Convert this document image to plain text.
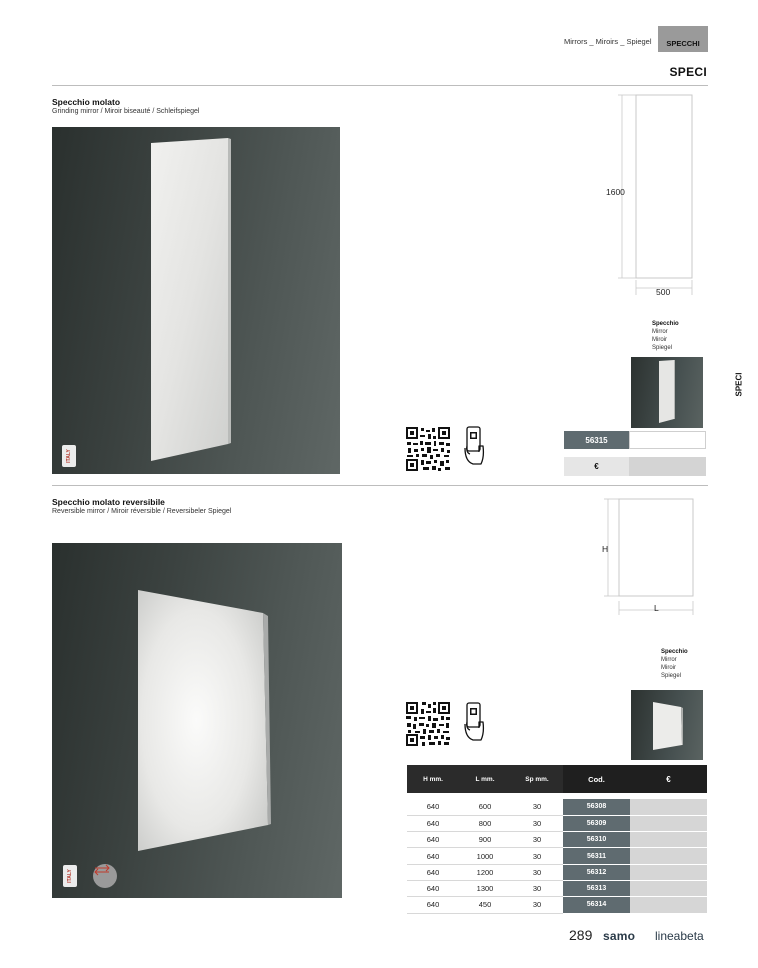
Mirrors _ Miroirs _ Spiegel	SPECCHI
SPECI
SPECI
Specchio molato
Grinding mirror / Miroir biseauté / Schleifspiegel
ITALY
1600
500
Specchio
Mirror
Miroir
Spiegel
56315
€
Specchio molato reversibile
Reversible mirror / Miroir réversible / Reversibeler Spiegel
ITALY
H
L
Specchio
Mirror
Miroir
Spiegel
H mm.	L mm.	Sp mm.	Cod.	€

640	600	30	56308	
640	800	30	56309	
640	900	30	56310	
640	1000	30	56311	
640	1200	30	56312	
640	1300	30	56313	
640	450	30	56314	
289 samo lineabeta
